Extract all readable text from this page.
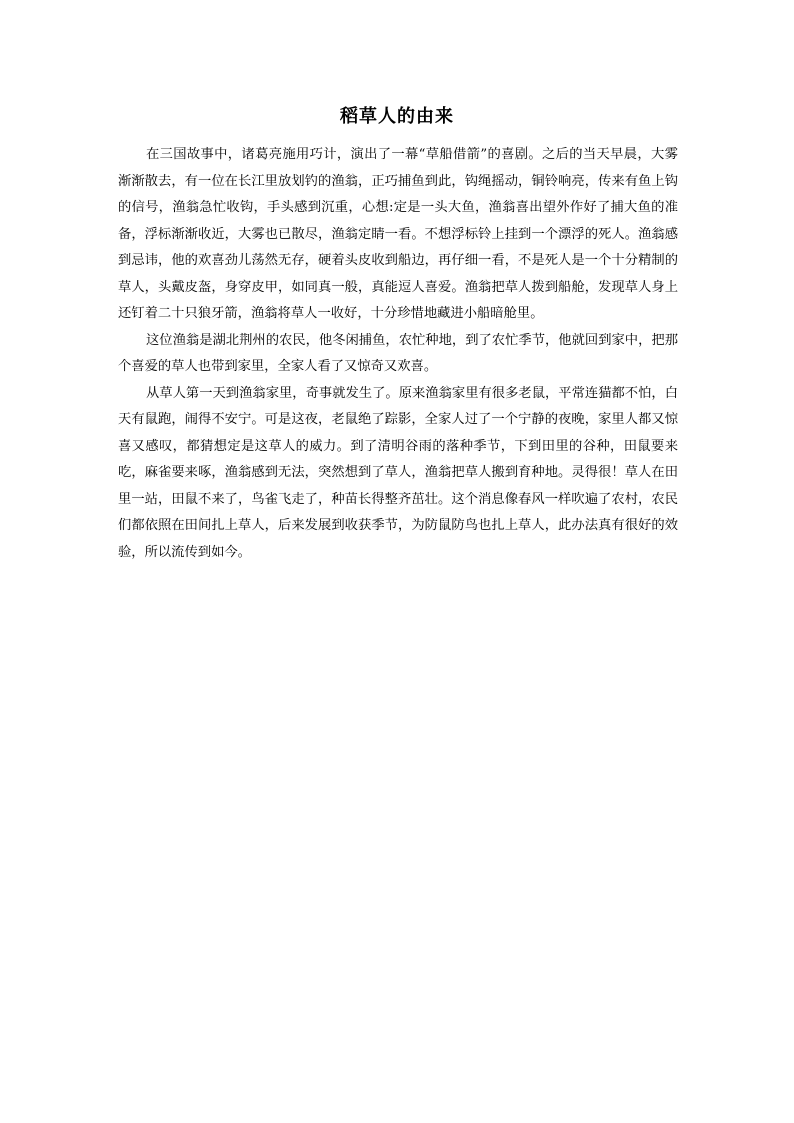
稻草人的由来

在三国故事中，诸葛亮施用巧计，演出了一幕“草船借箭”的喜剧。之后的当天早晨，大雾渐渐散去，有一位在长江里放划钓的渔翁，正巧捕鱼到此，钩绳摇动，铜铃响亮，传来有鱼上钩的信号，渔翁急忙收钩，手头感到沉重，心想:定是一头大鱼，渔翁喜出望外作好了捕大鱼的准备，浮标渐渐收近，大雾也已散尽，渔翁定睛一看。不想浮标铃上挂到一个漂浮的死人。渔翁感到忌讳，他的欢喜劲儿荡然无存，硬着头皮收到船边，再仔细一看，不是死人是一个十分精制的草人，头戴皮盔，身穿皮甲，如同真一般，真能逗人喜爱。渔翁把草人拨到船舱，发现草人身上还钉着二十只狼牙箭，渔翁将草人一收好，十分珍惜地藏进小船暗舱里。

这位渔翁是湖北荆州的农民，他冬闲捕鱼，农忙种地，到了农忙季节，他就回到家中，把那个喜爱的草人也带到家里，全家人看了又惊奇又欢喜。

从草人第一天到渔翁家里，奇事就发生了。原来渔翁家里有很多老鼠，平常连猫都不怕，白天有鼠跑，闹得不安宁。可是这夜，老鼠绝了踪影，全家人过了一个宁静的夜晚，家里人都又惊喜又感叹，都猜想定是这草人的威力。到了清明谷雨的落种季节，下到田里的谷种，田鼠要来吃，麻雀要来啄，渔翁感到无法，突然想到了草人，渔翁把草人搬到育种地。灵得很！草人在田里一站，田鼠不来了，鸟雀飞走了，种苗长得整齐茁壮。这个消息像春风一样吹遍了农村，农民们都依照在田间扎上草人，后来发展到收获季节，为防鼠防鸟也扎上草人，此办法真有很好的效验，所以流传到如今。
